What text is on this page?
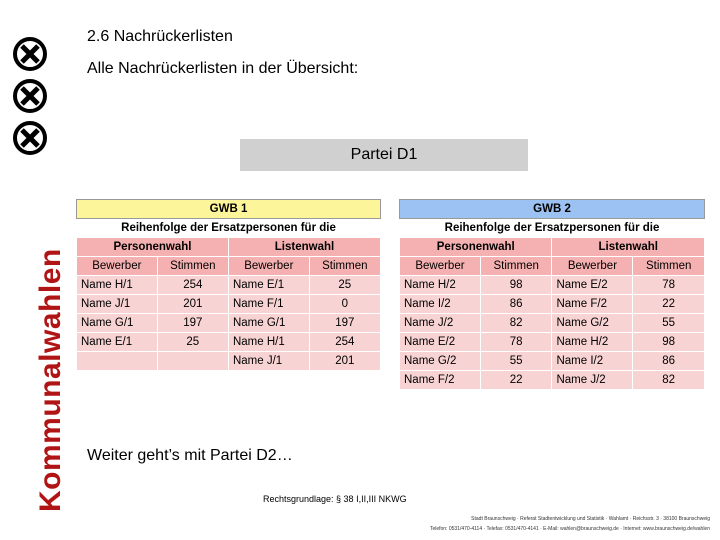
Kommunalwahlen
2.6 Nachrückerlisten
Alle Nachrückerlisten in der Übersicht:
Partei D1
GWB 1			
Reihenfolge der Ersatzpersonen für die			
Personenwahl		Listenwahl	
Bewerber	Stimmen	Bewerber	Stimmen
Name H/1	254	Name E/1	25
Name J/1	201	Name F/1	0
Name G/1	197	Name G/1	197
Name E/1	25	Name H/1	254
		Name J/1	201
GWB 2			
Reihenfolge der Ersatzpersonen für die			
Personenwahl		Listenwahl	
Bewerber	Stimmen	Bewerber	Stimmen
Name H/2	98	Name E/2	78
Name I/2	86	Name F/2	22
Name J/2	82	Name G/2	55
Name E/2	78	Name H/2	98
Name G/2	55	Name I/2	86
Name F/2	22	Name J/2	82
Weiter geht’s mit Partei D2…
Rechtsgrundlage: § 38 I,II,III NKWG
Stadt Braunschweig · Referat Stadtentwicklung und Statistik · Wahlamt · Reichsstr. 3 · 38100 Braunschweig
Telefon: 0531/470-4114 · Telefax: 0531/470-4141 · E-Mail: wahlen@braunschweig.de · Internet: www.braunschweig.de/wahlen
